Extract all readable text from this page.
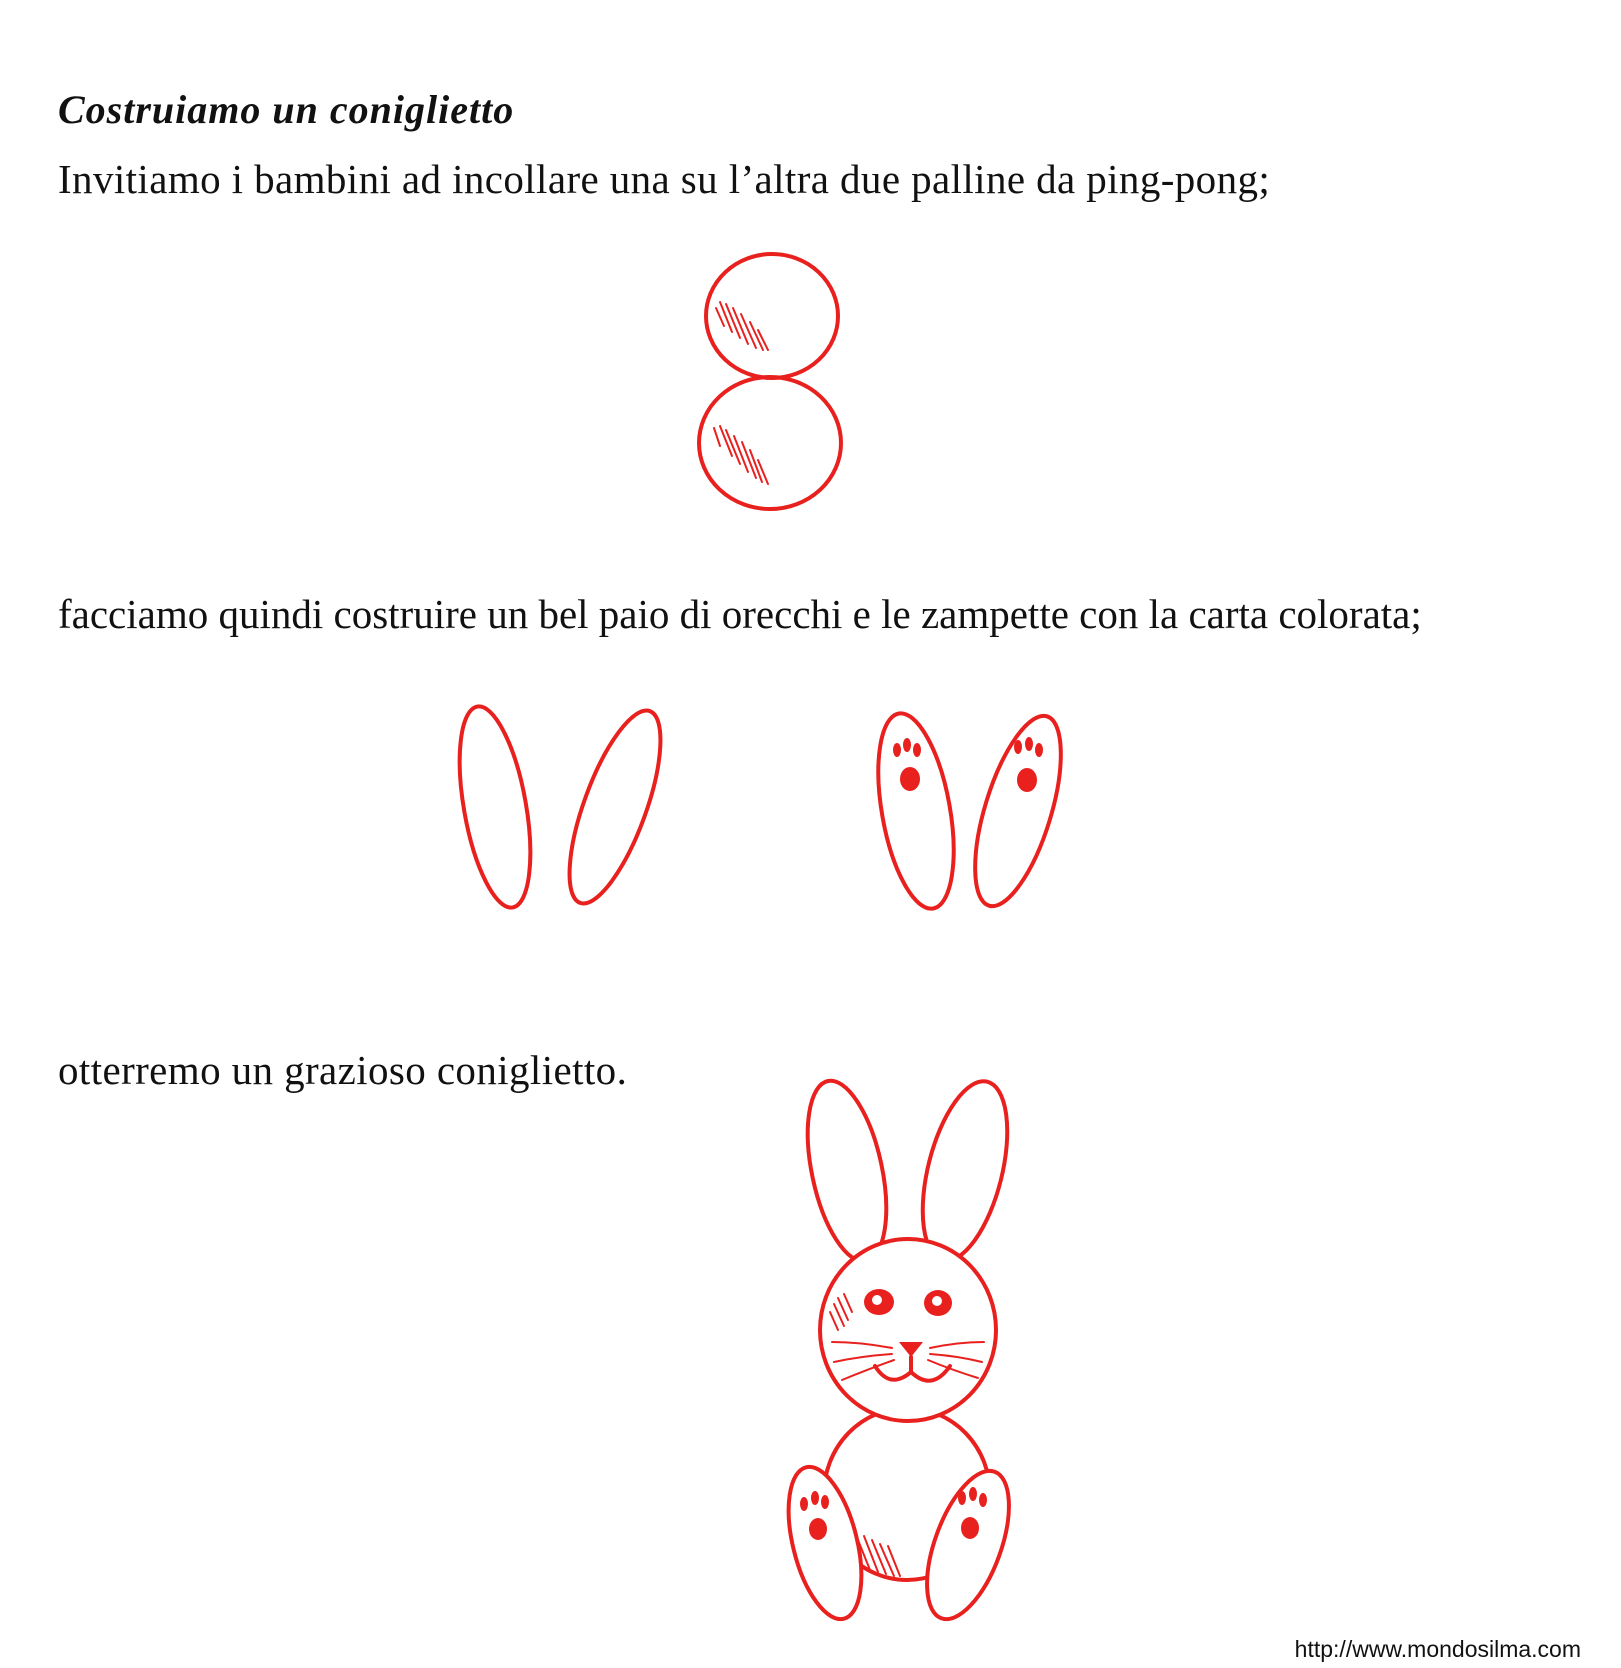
Costruiamo un coniglietto

Invitiamo i bambini ad incollare una su l’altra due palline da ping-pong;

facciamo quindi costruire un bel paio di orecchi e le zampette con la carta colorata;

otterremo un grazioso coniglietto.

http://www.mondosilma.com
